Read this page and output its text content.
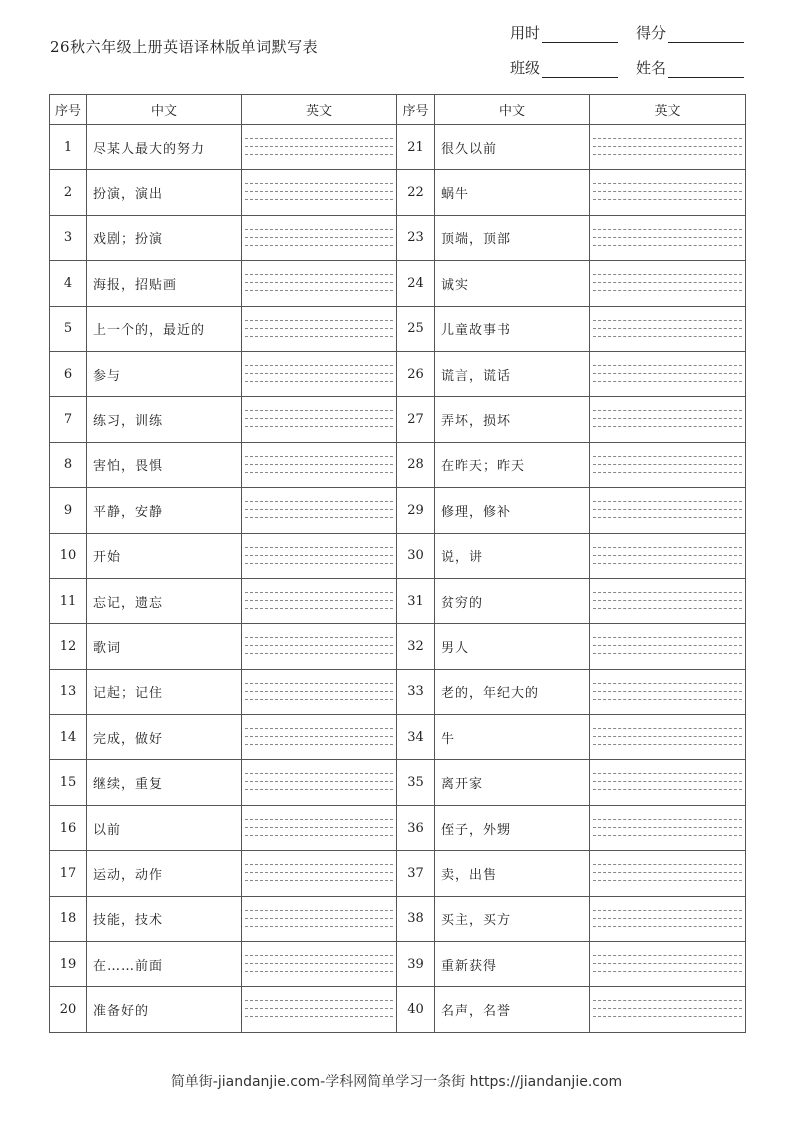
26秋六年级上册英语译林版单词默写表
用时	得分
班级	姓名
序号	中文	英文	序号	中文	英文
1	尽某人最大的努力		21	很久以前	

2	扮演，演出		22	蜗牛	

3	戏剧；扮演		23	顶端，顶部	

4	海报，招贴画		24	诚实	

5	上一个的，最近的		25	儿童故事书	

6	参与		26	谎言，谎话	

7	练习，训练		27	弄坏，损坏	

8	害怕，畏惧		28	在昨天；昨天	

9	平静，安静		29	修理，修补	

10	开始		30	说，讲	

11	忘记，遗忘		31	贫穷的	

12	歌词		32	男人	

13	记起；记住		33	老的，年纪大的	

14	完成，做好		34	牛	

15	继续，重复		35	离开家	

16	以前		36	侄子，外甥	

17	运动，动作		37	卖，出售	

18	技能，技术		38	买主，买方	

19	在……前面		39	重新获得	

20	准备好的		40	名声，名誉	
简单街-jiandanjie.com-学科网简单学习一条街 https://jiandanjie.com
